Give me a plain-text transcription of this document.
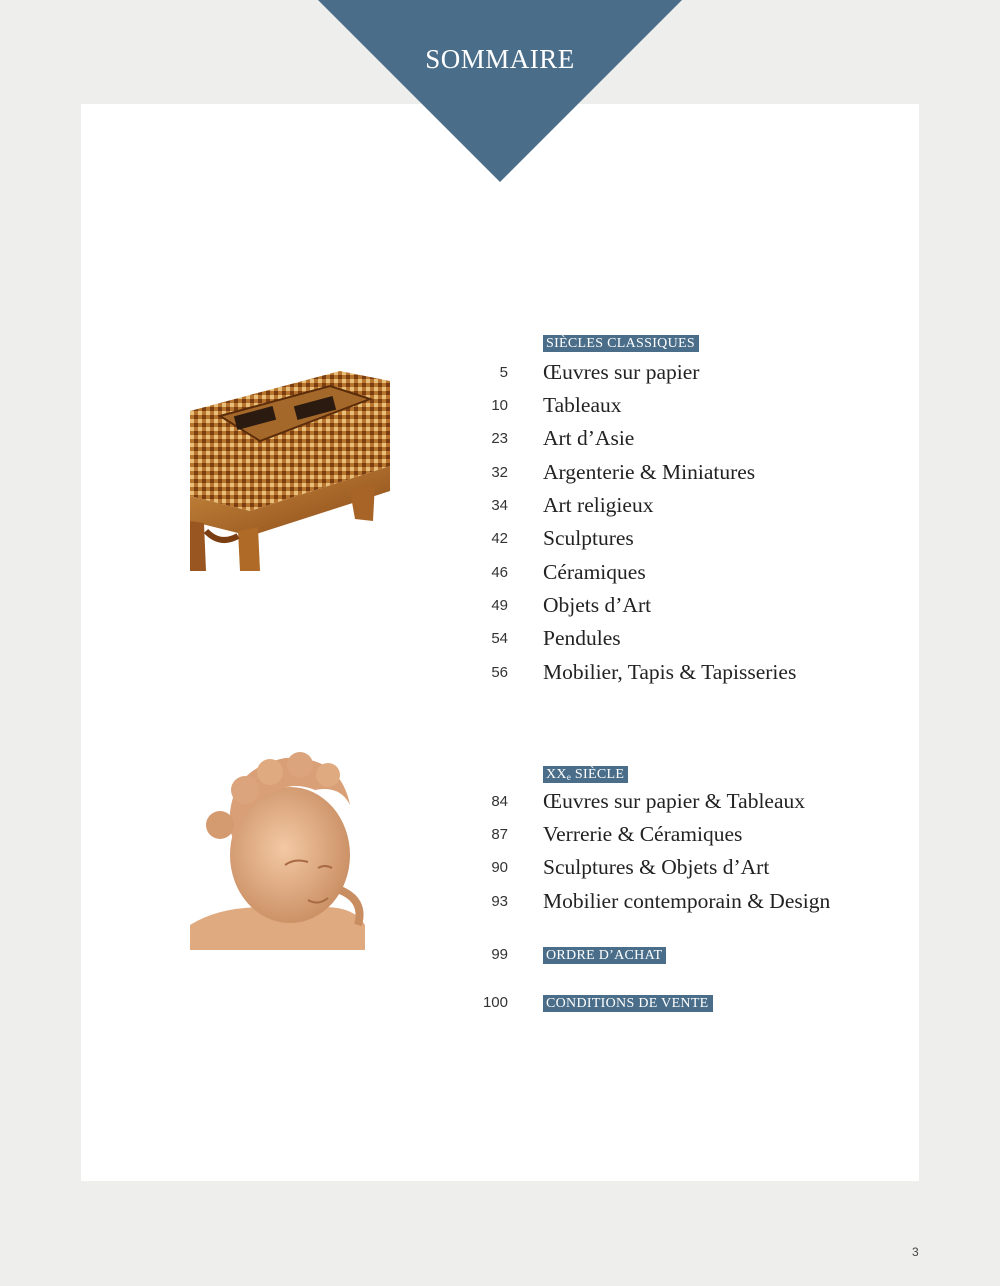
SOMMAIRE
SIÈCLES CLASSIQUES
5 Œuvres sur papier
10 Tableaux
23 Art d’Asie
32 Argenterie & Miniatures
34 Art religieux
42 Sculptures
46 Céramiques
49 Objets d’Art
54 Pendules
56 Mobilier, Tapis & Tapisseries
XXe SIÈCLE
84 Œuvres sur papier & Tableaux
87 Verrerie & Céramiques
90 Sculptures & Objets d’Art
93 Mobilier contemporain & Design
99	ORDRE D’ACHAT
100	CONDITIONS DE VENTE
3
